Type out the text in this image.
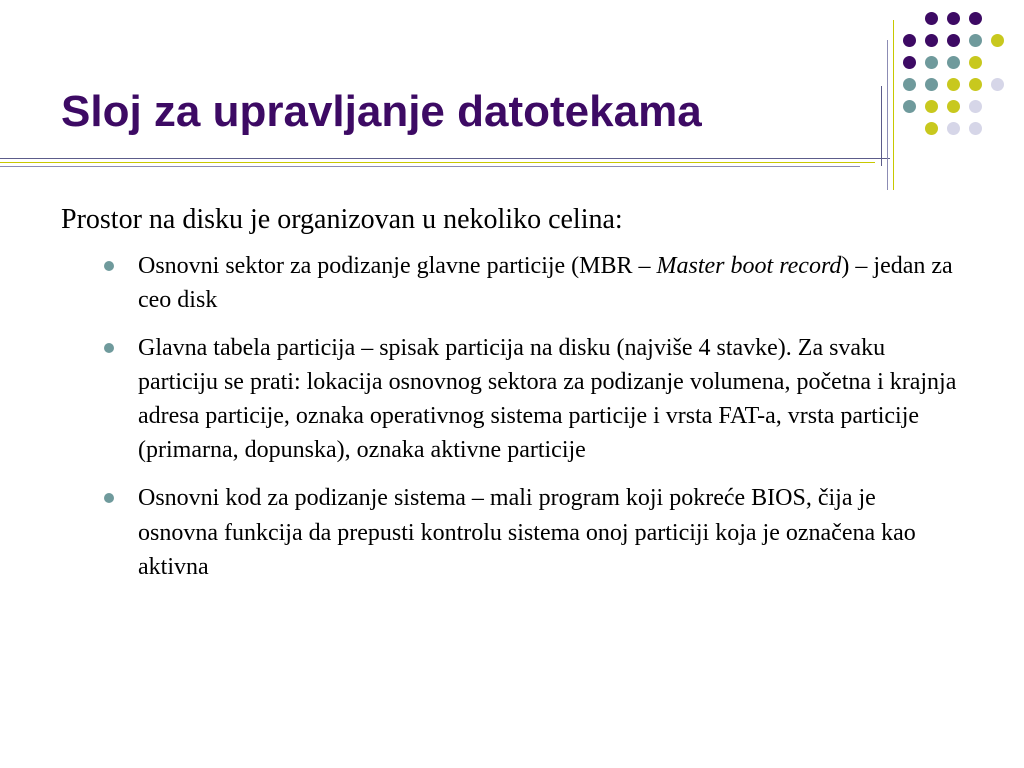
Sloj za upravljanje datotekama

Prostor na disku je organizovan u nekoliko celina:

Osnovni sektor za podizanje glavne particije (MBR – Master boot record) – jedan za ceo disk
Glavna tabela particija – spisak particija na disku (najviše 4 stavke). Za svaku particiju se prati: lokacija osnovnog sektora za podizanje volumena, početna i krajnja adresa particije, oznaka operativnog sistema particije i vrsta FAT-a, vrsta particije (primarna, dopunska), oznaka aktivne particije
Osnovni kod za podizanje sistema – mali program koji pokreće BIOS, čija je osnovna funkcija da prepusti kontrolu sistema onoj particiji koja je označena kao aktivna
